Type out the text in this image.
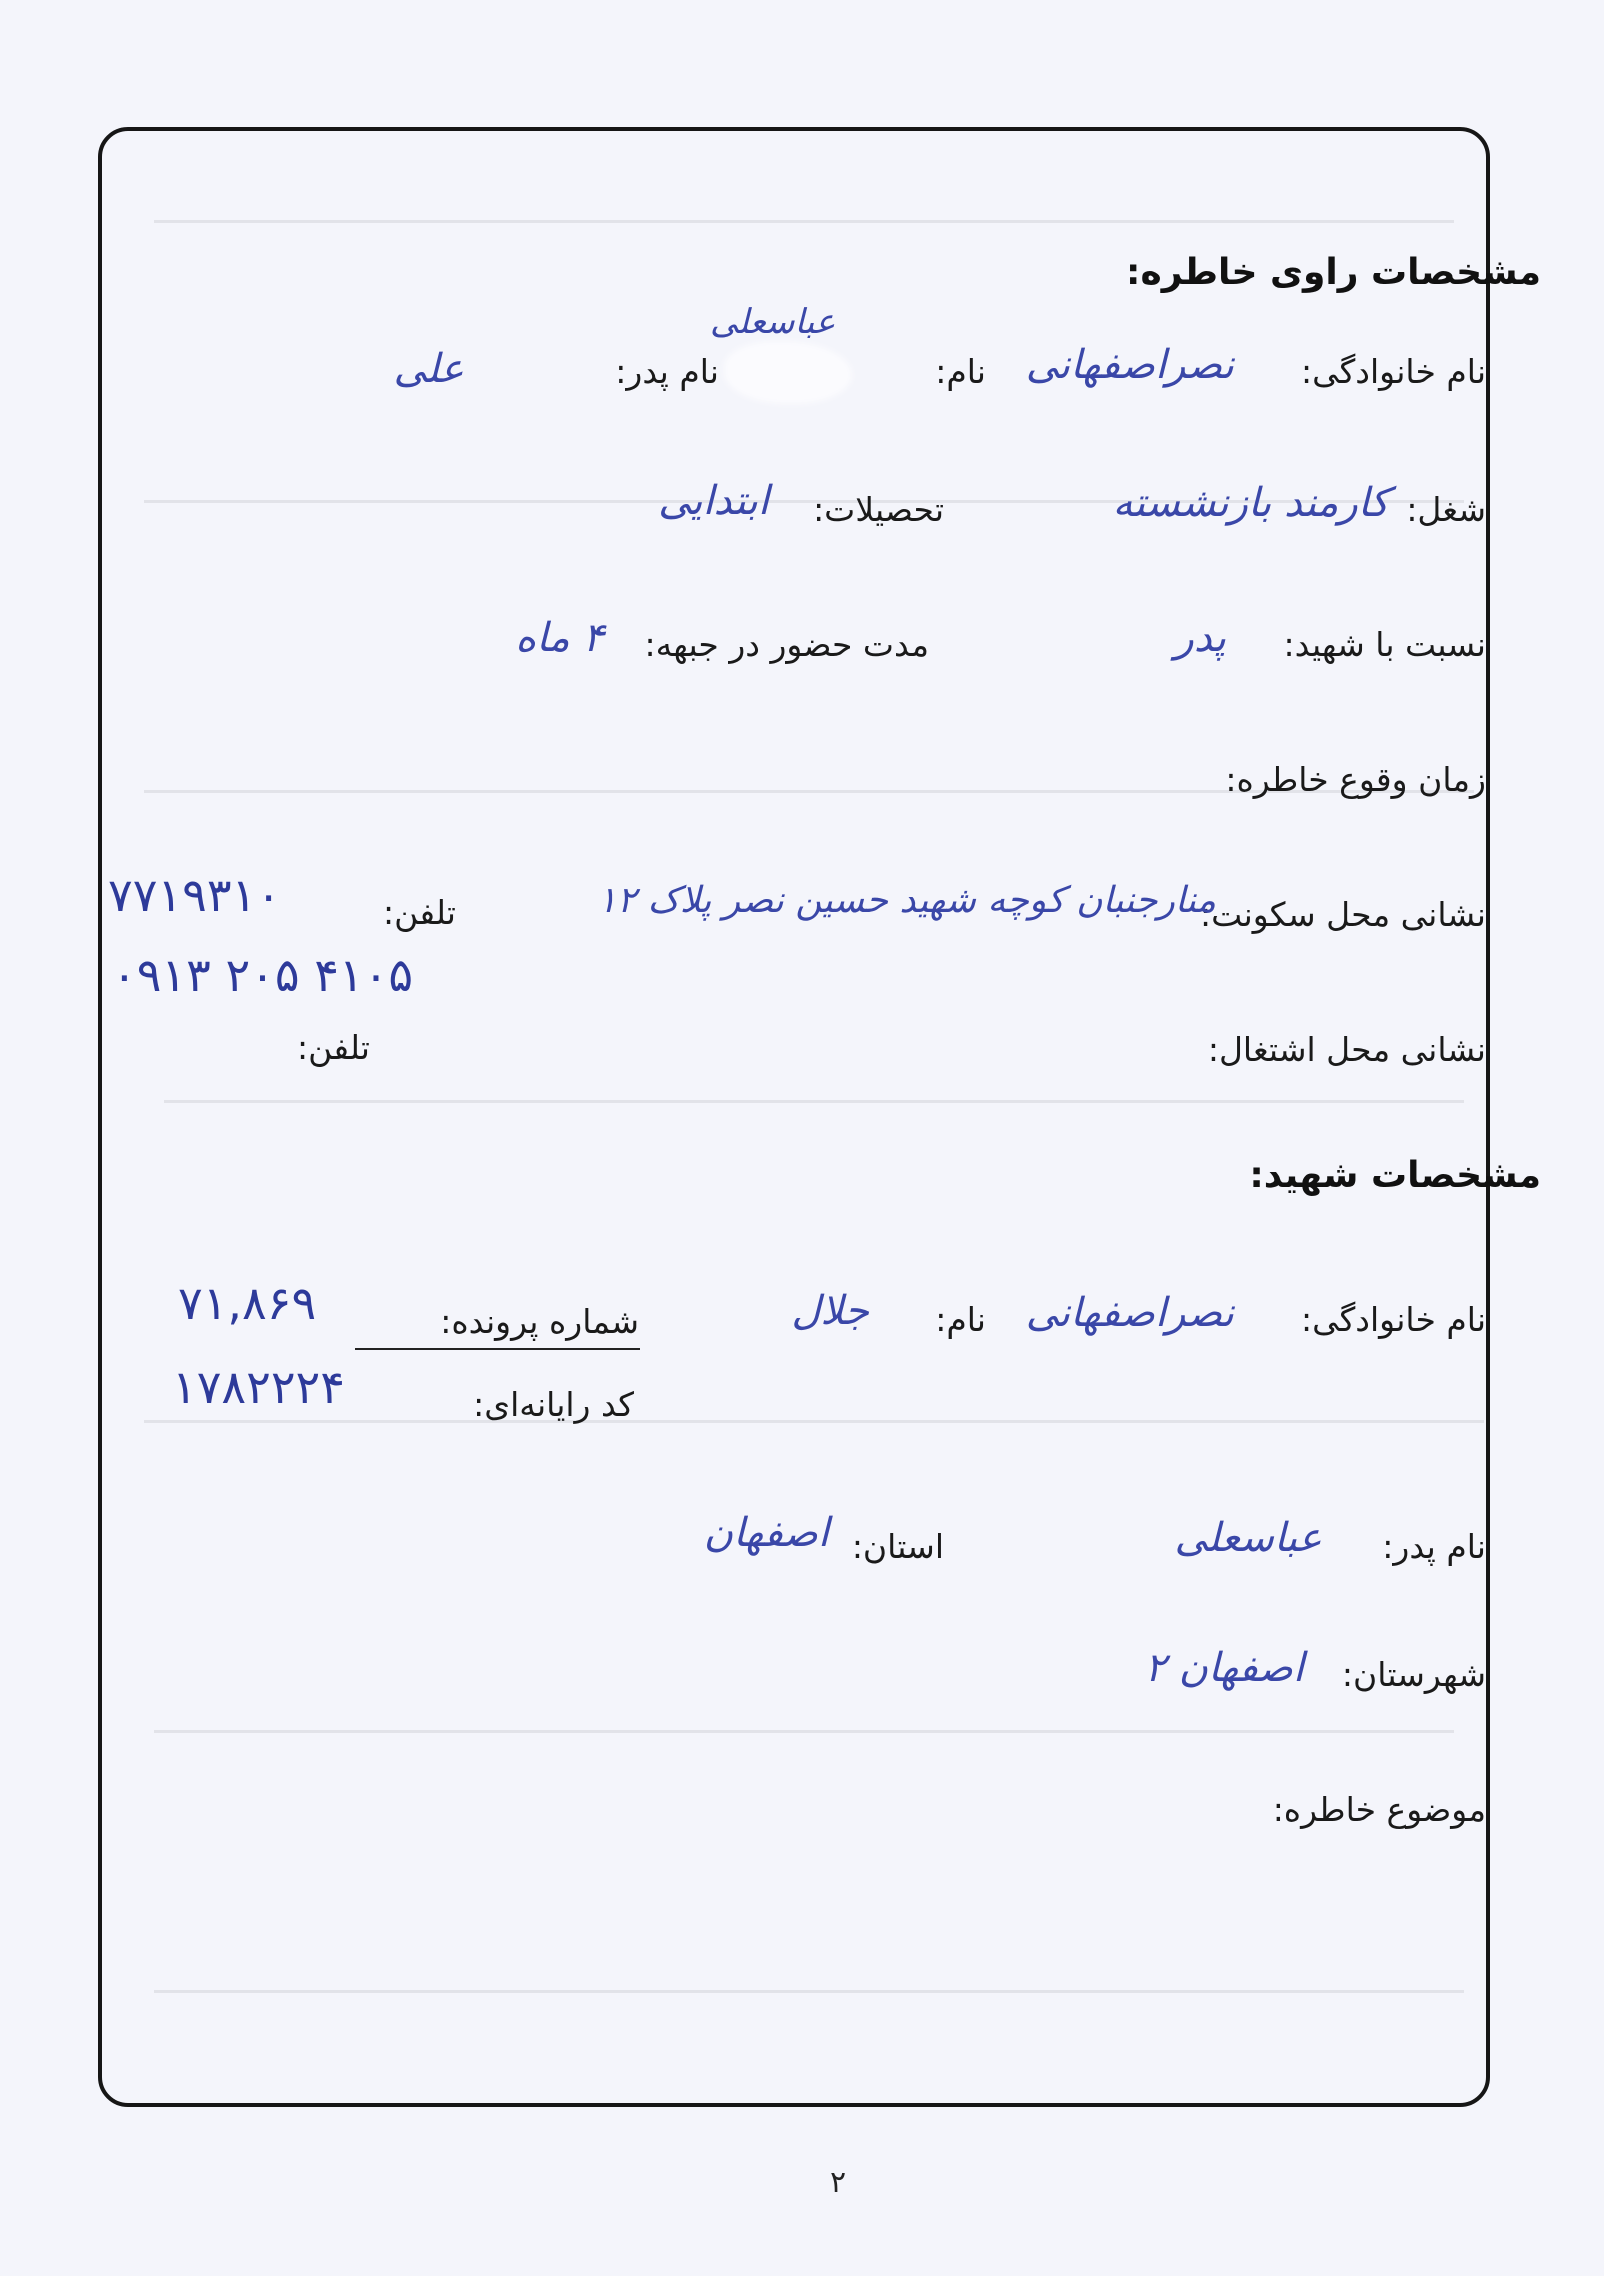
مشخصات راوی خاطره:
نام خانوادگی:
نصراصفهانی
نام:
عباسعلی
نام پدر:
علی
شغل:
کارمند بازنشسته
تحصیلات:
ابتدایی
نسبت با شهید:
پدر
مدت حضور در جبهه:
۴ ماه
زمان وقوع خاطره:
نشانی محل سکونت:
منارجنبان کوچه شهید حسین نصر پلاک ۱۲
تلفن:
۷۷۱۹۳۱۰
۰۹۱۳ ۲۰۵ ۴۱۰۵
نشانی محل اشتغال:
تلفن:
مشخصات شهید:
نام خانوادگی:
نصراصفهانی
نام:
جلال
شماره پرونده:
۷۱,۸۶۹
کد رایانه‌ای:
۱۷۸۲۲۲۴
نام پدر:
عباسعلی
استان:
اصفهان
شهرستان:
اصفهان ۲
موضوع خاطره:
۲
